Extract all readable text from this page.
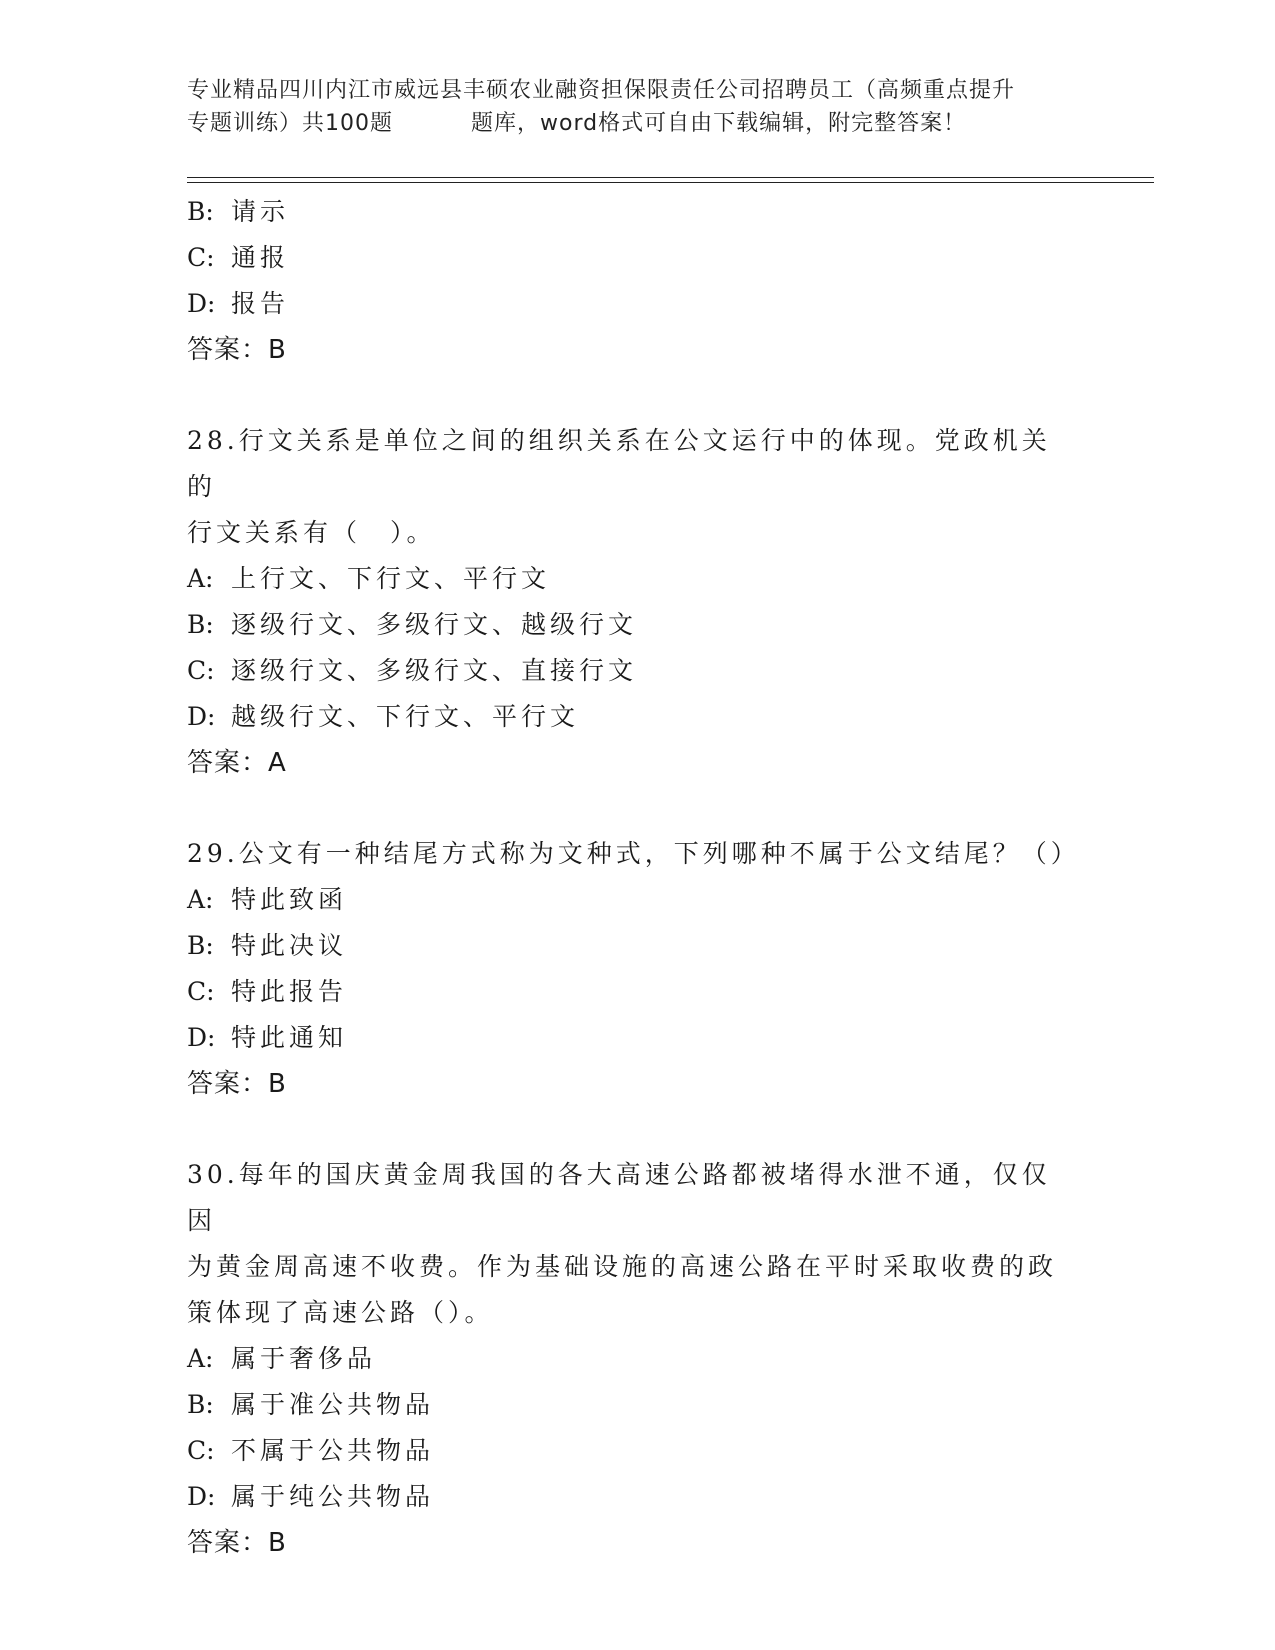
专业精品四川内江市威远县丰硕农业融资担保限责任公司招聘员工（高频重点提升
专题训练）共100题	题库，word格式可自由下载编辑，附完整答案！
B: 请示
C: 通报
D: 报告
答案：B
28.行文关系是单位之间的组织关系在公文运行中的体现。党政机关的
行文关系有（　）。
A: 上行文、下行文、平行文
B: 逐级行文、多级行文、越级行文
C: 逐级行文、多级行文、直接行文
D: 越级行文、下行文、平行文
答案：A
29.公文有一种结尾方式称为文种式，下列哪种不属于公文结尾？（）
A: 特此致函
B: 特此决议
C: 特此报告
D: 特此通知
答案：B
30.每年的国庆黄金周我国的各大高速公路都被堵得水泄不通，仅仅因
为黄金周高速不收费。作为基础设施的高速公路在平时采取收费的政
策体现了高速公路（）。
A: 属于奢侈品
B: 属于准公共物品
C: 不属于公共物品
D: 属于纯公共物品
答案：B
